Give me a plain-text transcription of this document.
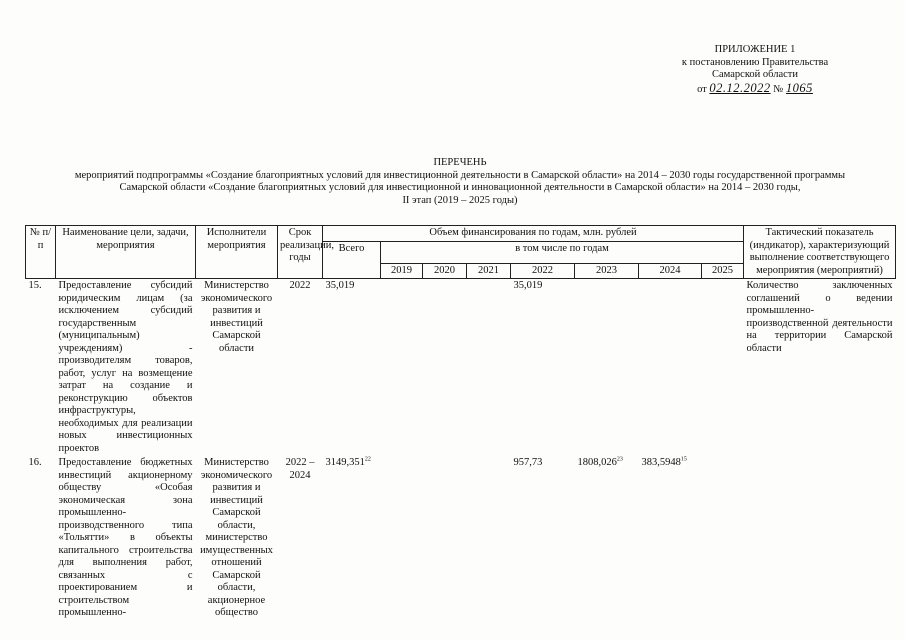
ПРИЛОЖЕНИЕ 1
к постановлению Правительства
Самарской области
от 02.12.2022 № 1065
ПЕРЕЧЕНЬ
мероприятий подпрограммы «Создание благоприятных условий для инвестиционной деятельности в Самарской области» на 2014 – 2030 годы государственной программы
Самарской области «Создание благоприятных условий для инвестиционной и инновационной деятельности в Самарской области» на 2014 – 2030 годы,
II этап (2019 – 2025 годы)
№ п/п	Наименование цели, задачи, мероприятия	Исполнители мероприятия	Срок реализации, годы	Объем финансирования по годам, млн. рублей								Тактический показатель (индикатор), характеризующий выполнение соответствующего мероприятия (мероприятий)
				Всего	в том числе по годам							
					2019	2020	2021	2022	2023	2024	2025	
15.	Предоставление субсидий юридическим лицам (за исключением субсидий государственным (муниципальным) учреждениям) - производителям товаров, работ, услуг на возмещение затрат на создание и реконструкцию объектов инфраструктуры, необходимых для реализации новых инвестиционных проектов	Министерство экономического развития и инвестиций Самарской области	2022	35,019				35,019				Количество заключенных соглашений о ведении промышленно-производственной деятельности на территории Самарской области
16.	Предоставление бюджетных инвестиций акционерному обществу «Особая экономическая зона промышленно-производственного типа «Тольятти» в объекты капитального строительства для выполнения работ, связанных с проектированием и строительством промышленно-	Министерство экономического развития и инвестиций Самарской области, министерство имущественных отношений Самарской области, акционерное общество	2022 – 2024	3149,351$^{22}$				957,73	1808,026$^{23}$	383,5948$^{15}$		
